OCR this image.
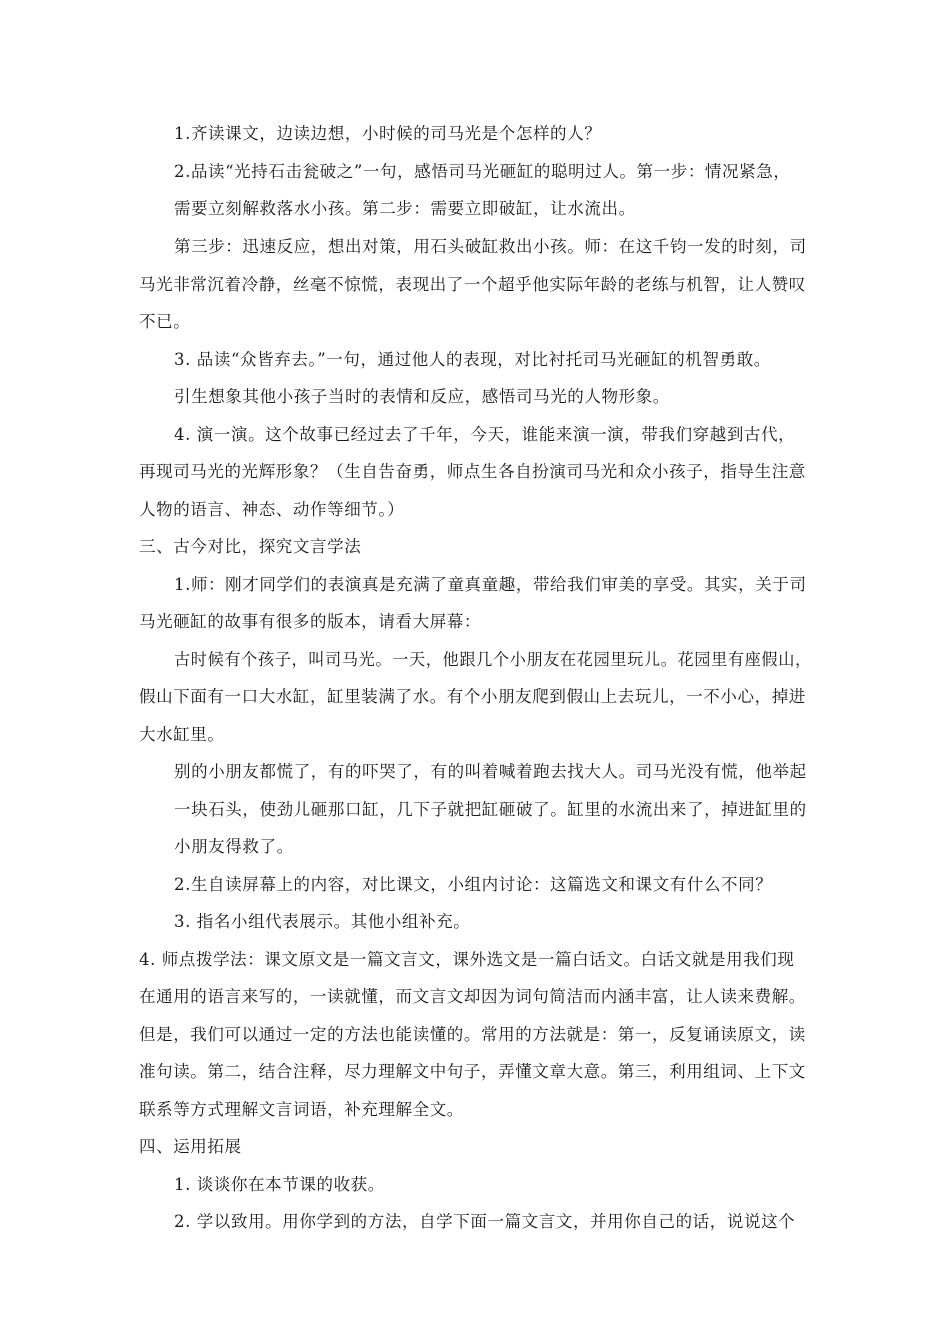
1.齐读课文，边读边想，小时候的司马光是个怎样的人？
2.品读“光持石击瓮破之”一句，感悟司马光砸缸的聪明过人。第一步：情况紧急，
需要立刻解救落水小孩。第二步：需要立即破缸，让水流出。
第三步：迅速反应，想出对策，用石头破缸救出小孩。师：在这千钧一发的时刻，司
马光非常沉着冷静，丝毫不惊慌，表现出了一个超乎他实际年龄的老练与机智，让人赞叹
不已。
3. 品读“众皆弃去。”一句，通过他人的表现，对比衬托司马光砸缸的机智勇敢。
引生想象其他小孩子当时的表情和反应，感悟司马光的人物形象。
4. 演一演。这个故事已经过去了千年，今天，谁能来演一演，带我们穿越到古代，
再现司马光的光辉形象？（生自告奋勇，师点生各自扮演司马光和众小孩子，指导生注意
人物的语言、神态、动作等细节。）
三、古今对比，探究文言学法
1.师：刚才同学们的表演真是充满了童真童趣，带给我们审美的享受。其实，关于司
马光砸缸的故事有很多的版本，请看大屏幕：
古时候有个孩子，叫司马光。一天，他跟几个小朋友在花园里玩儿。花园里有座假山，
假山下面有一口大水缸，缸里装满了水。有个小朋友爬到假山上去玩儿，一不小心，掉进
大水缸里。
别的小朋友都慌了，有的吓哭了，有的叫着喊着跑去找大人。司马光没有慌，他举起
一块石头，使劲儿砸那口缸，几下子就把缸砸破了。缸里的水流出来了，掉进缸里的
小朋友得救了。
2.生自读屏幕上的内容，对比课文，小组内讨论：这篇选文和课文有什么不同？
3. 指名小组代表展示。其他小组补充。
4. 师点拨学法：课文原文是一篇文言文，课外选文是一篇白话文。白话文就是用我们现
在通用的语言来写的，一读就懂，而文言文却因为词句简洁而内涵丰富，让人读来费解。
但是，我们可以通过一定的方法也能读懂的。常用的方法就是：第一，反复诵读原文，读
准句读。第二，结合注释，尽力理解文中句子，弄懂文章大意。第三，利用组词、上下文
联系等方式理解文言词语，补充理解全文。
四、运用拓展
1. 谈谈你在本节课的收获。
2. 学以致用。用你学到的方法，自学下面一篇文言文，并用你自己的话，说说这个
